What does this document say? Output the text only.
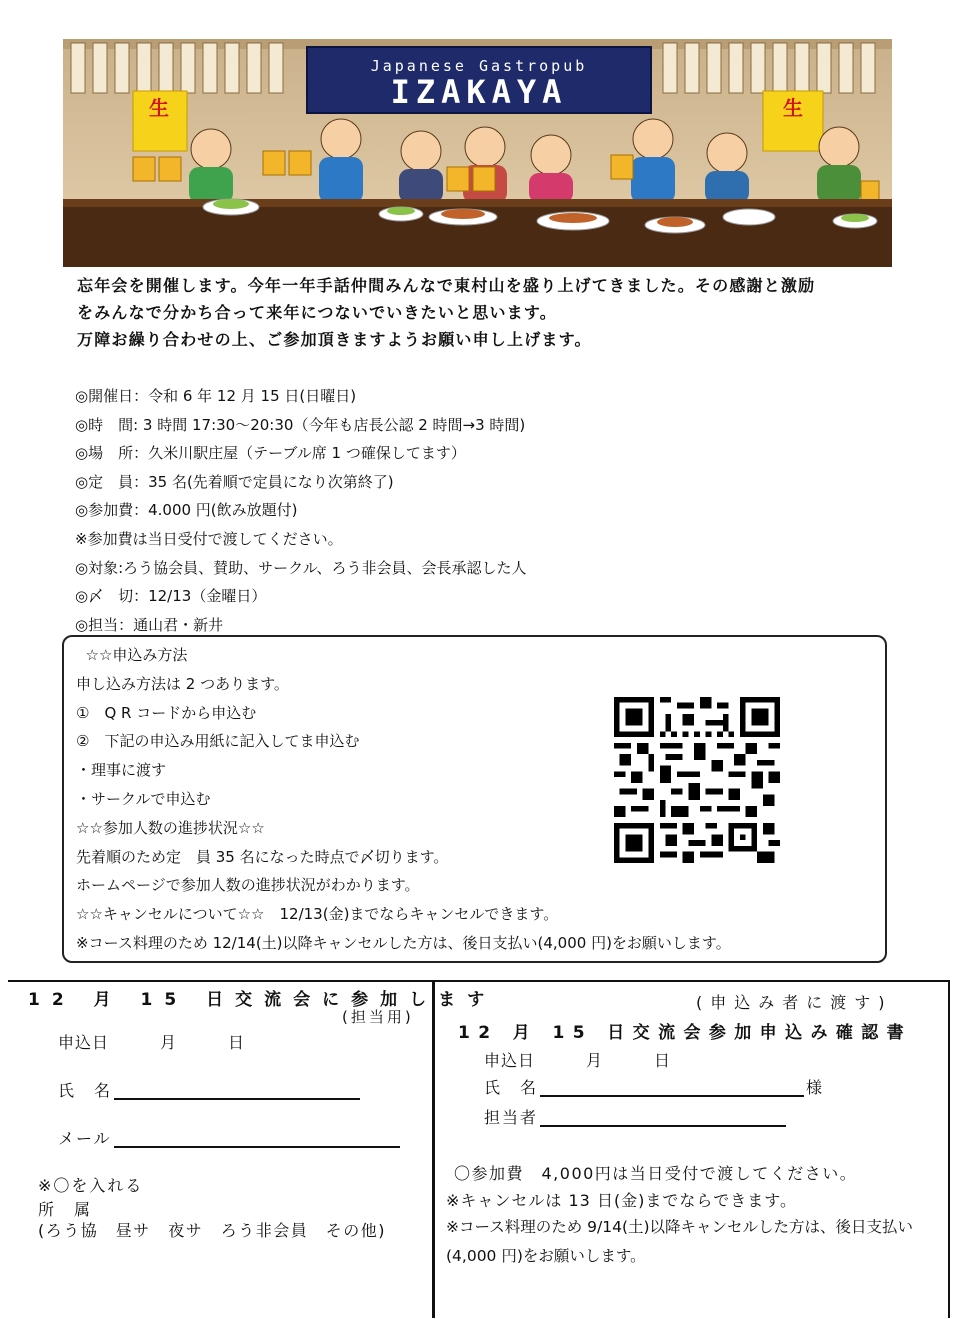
Japanese Gastropub
IZAKAYA
生	生

忘年会を開催します。今年一年手話仲間みんなで東村山を盛り上げてきました。その感謝と激励

をみんなで分かち合って来年につないでいきたいと思います。

万障お繰り合わせの上、ご参加頂きますようお願い申し上げます。

◎開催日：令和 6 年 12 月 15 日(日曜日)
◎時　間: 3 時間 17:30～20:30（今年も店長公認 2 時間→3 時間)
◎場　所：久米川駅庄屋（テーブル席 1 つ確保してます）
◎定　員：35 名(先着順で定員になり次第終了)
◎参加費：4.000 円(飲み放題付)
※参加費は当日受付で渡してください。
◎対象:ろう協会員、賛助、サークル、ろう非会員、会長承認した人
◎〆　切：12/13（金曜日）
◎担当：通山君・新井
☆☆申込み方法
申し込み方法は 2 つあります。
①　Q R コードから申込む
②　下記の申込み用紙に記入してま申込む
・理事に渡す
・サークルで申込む
☆☆参加人数の進捗状況☆☆
先着順のため定　員 35 名になった時点で〆切ります。
ホームページで参加人数の進捗状況がわかります。
☆☆キャンセルについて☆☆　12/13(金)までならキャンセルできます。
※コース料理のため 12/14(土)以降キャンセルした方は、後日支払い(4,000 円)をお願いします。
12 月 15 日交流会に参加します
(担当用)
申込日　　　月　　　日
氏　名
メール
※〇を入れる
所　属
(ろう協　昼サ　夜サ　ろう非会員　その他)
(申込み者に渡す)
12 月 15 日交流会参加申込み確認書
申込日　　　月　　　日
氏　名	様
担当者
〇参加費　4,000円は当日受付で渡してください。
※キャンセルは 13 日(金)までならできます。
※コース料理のため 9/14(土)以降キャンセルした方は、後日支払い
(4,000 円)をお願いします。
